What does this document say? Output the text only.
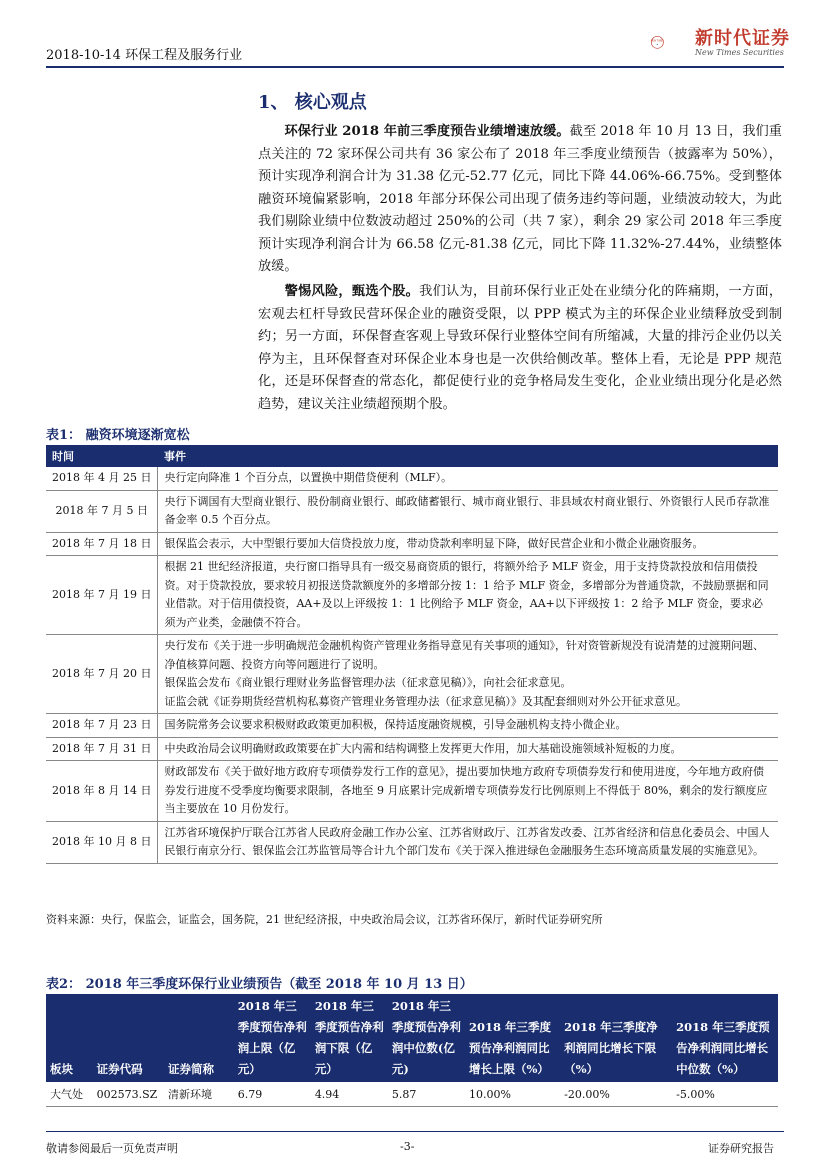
2018-10-14 环保工程及服务行业
NEW TIMES
★ 新时代证券
New Times Securities
1、 核心观点
  环保行业 2018 年前三季度预告业绩增速放缓。截至 2018 年 10 月 13 日，我们重点关注的 72 家环保公司共有 36 家公布了 2018 年三季度业绩预告（披露率为 50%），预计实现净利润合计为 31.38 亿元-52.77 亿元，同比下降 44.06%-66.75%。受到整体融资环境偏紧影响，2018 年部分环保公司出现了债务违约等问题，业绩波动较大，为此我们剔除业绩中位数波动超过 250%的公司（共 7 家），剩余 29 家公司 2018 年三季度预计实现净利润合计为 66.58 亿元-81.38 亿元，同比下降 11.32%-27.44%，业绩整体放缓。
  警惕风险，甄选个股。我们认为，目前环保行业正处在业绩分化的阵痛期，一方面，宏观去杠杆导致民营环保企业的融资受限，以 PPP 模式为主的环保企业业绩释放受到制约；另一方面，环保督查客观上导致环保行业整体空间有所缩减，大量的排污企业仍以关停为主，且环保督查对环保企业本身也是一次供给侧改革。整体上看，无论是 PPP 规范化，还是环保督查的常态化，都促使行业的竞争格局发生变化，企业业绩出现分化是必然趋势，建议关注业绩超预期个股。
表1： 融资环境逐渐宽松
时间	事件
2018 年 4 月 25 日	央行定向降准 1 个百分点，以置换中期借贷便利（MLF）。
2018 年 7 月 5 日	央行下调国有大型商业银行、股份制商业银行、邮政储蓄银行、城市商业银行、非县域农村商业银行、外资银行人民币存款准备金率 0.5 个百分点。
2018 年 7 月 18 日	银保监会表示，大中型银行要加大信贷投放力度，带动贷款利率明显下降，做好民营企业和小微企业融资服务。
2018 年 7 月 19 日	根据 21 世纪经济报道，央行窗口指导具有一级交易商资质的银行，将额外给予 MLF 资金，用于支持贷款投放和信用债投资。对于贷款投放，要求较月初报送贷款额度外的多增部分按 1：1 给予 MLF 资金，多增部分为普通贷款，不鼓励票据和同业借款。对于信用债投资，AA+及以上评级按 1：1 比例给予 MLF 资金，AA+以下评级按 1：2 给予 MLF 资金，要求必须为产业类，金融债不符合。
2018 年 7 月 20 日	央行发布《关于进一步明确规范金融机构资产管理业务指导意见有关事项的通知》，针对资管新规没有说清楚的过渡期问题、净值核算问题、投资方向等问题进行了说明。
银保监会发布《商业银行理财业务监督管理办法（征求意见稿）》，向社会征求意见。
证监会就《证券期货经营机构私募资产管理业务管理办法（征求意见稿）》及其配套细则对外公开征求意见。
2018 年 7 月 23 日	国务院常务会议要求积极财政政策更加积极，保持适度融资规模，引导金融机构支持小微企业。
2018 年 7 月 31 日	中央政治局会议明确财政政策要在扩大内需和结构调整上发挥更大作用，加大基础设施领域补短板的力度。
2018 年 8 月 14 日	财政部发布《关于做好地方政府专项债券发行工作的意见》，提出要加快地方政府专项债券发行和使用进度，今年地方政府债券发行进度不受季度均衡要求限制，各地至 9 月底累计完成新增专项债券发行比例原则上不得低于 80%，剩余的发行额度应当主要放在 10 月份发行。
2018 年 10 月 8 日	江苏省环境保护厅联合江苏省人民政府金融工作办公室、江苏省财政厅、江苏省发改委、江苏省经济和信息化委员会、中国人民银行南京分行、银保监会江苏监管局等合计九个部门发布《关于深入推进绿色金融服务生态环境高质量发展的实施意见》。
资料来源：央行，保监会，证监会，国务院，21 世纪经济报，中央政治局会议，江苏省环保厅，新时代证券研究所
表2： 2018 年三季度环保行业业绩预告（截至 2018 年 10 月 13 日）
板块	证券代码	证券简称	2018 年三季度预告净利润上限（亿元）	2018 年三季度预告净利润下限（亿元）	2018 年三季度预告净利润中位数(亿元)	2018 年三季度预告净利润同比增长上限（%）	2018 年三季度净利润同比增长下限（%）	2018 年三季度预告净利润同比增长中位数（%）
大气处	002573.SZ	清新环境	6.79	4.94	5.87	10.00%	-20.00%	-5.00%
敬请参阅最后一页免责声明	-3-	证券研究报告
